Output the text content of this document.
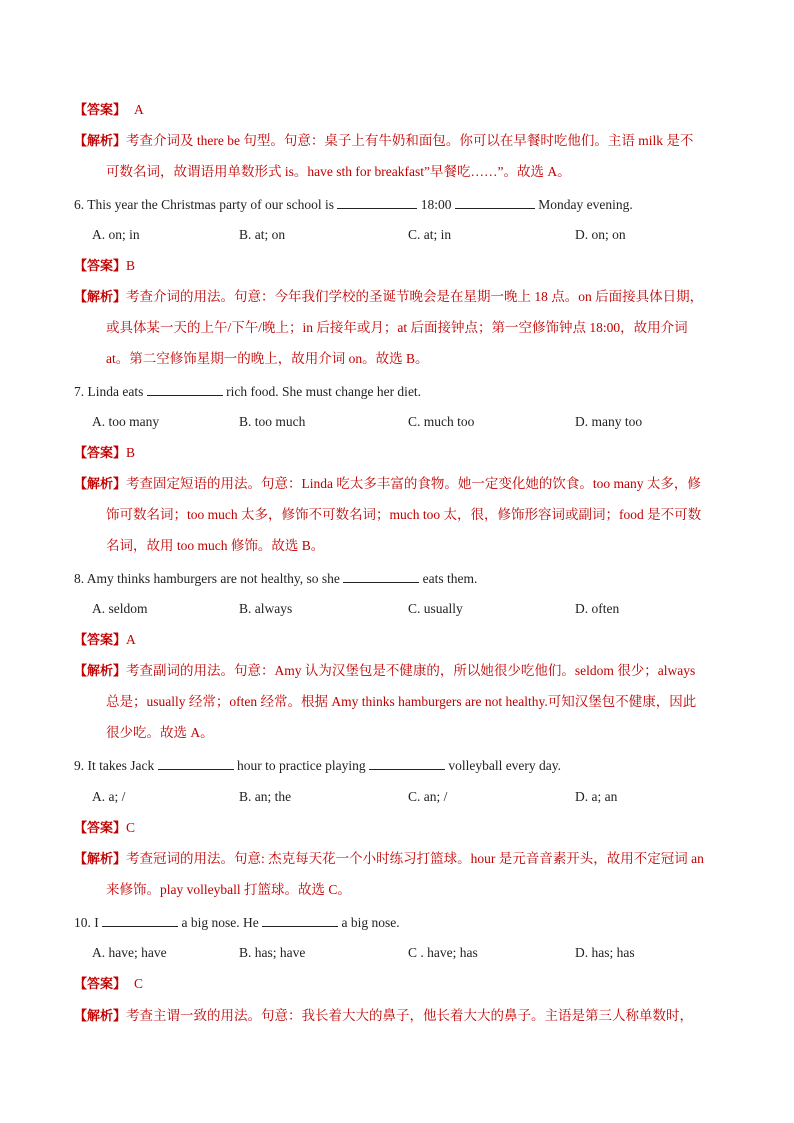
【答案】 A
【解析】考查介词及 there be 句型。句意：桌子上有牛奶和面包。你可以在早餐时吃他们。主语 milk 是不
可数名词，故谓语用单数形式 is。have sth for breakfast”早餐吃……”。故选 A。
6. This year the Christmas party of our school is	18:00	Monday evening.
A. on; in	B. at; on	C. at; in	D. on; on
【答案】B
【解析】考查介词的用法。句意：今年我们学校的圣诞节晚会是在星期一晚上 18 点。on 后面接具体日期，
或具体某一天的上午/下午/晚上；in 后接年或月；at 后面接钟点；第一空修饰钟点 18:00，故用介词
at。第二空修饰星期一的晚上，故用介词 on。故选 B。
7. Linda eats	rich food. She must change her diet.
A. too many	B. too much	C. much too	D. many too
【答案】B
【解析】考查固定短语的用法。句意：Linda 吃太多丰富的食物。她一定变化她的饮食。too many 太多，修
饰可数名词；too much 太多，修饰不可数名词；much too 太，很，修饰形容词或副词；food 是不可数
名词，故用 too much 修饰。故选 B。
8. Amy thinks hamburgers are not healthy, so she	eats them.
A. seldom	B. always	C. usually	D. often
【答案】A
【解析】考查副词的用法。句意：Amy 认为汉堡包是不健康的，所以她很少吃他们。seldom 很少；always
总是；usually 经常；often 经常。根据 Amy thinks hamburgers are not healthy.可知汉堡包不健康，因此
很少吃。故选 A。
9. It takes Jack	hour to practice playing	volleyball every day.
A. a; /	B. an; the	C. an; /	D. a; an
【答案】C
【解析】考查冠词的用法。句意: 杰克每天花一个小时练习打篮球。hour 是元音音素开头，故用不定冠词 an
来修饰。play volleyball 打篮球。故选 C。
10. I	a big nose. He	a big nose.
A. have; have	B. has; have	C . have; has	D. has; has
【答案】 C
【解析】考查主谓一致的用法。句意：我长着大大的鼻子，他长着大大的鼻子。主语是第三人称单数时，
